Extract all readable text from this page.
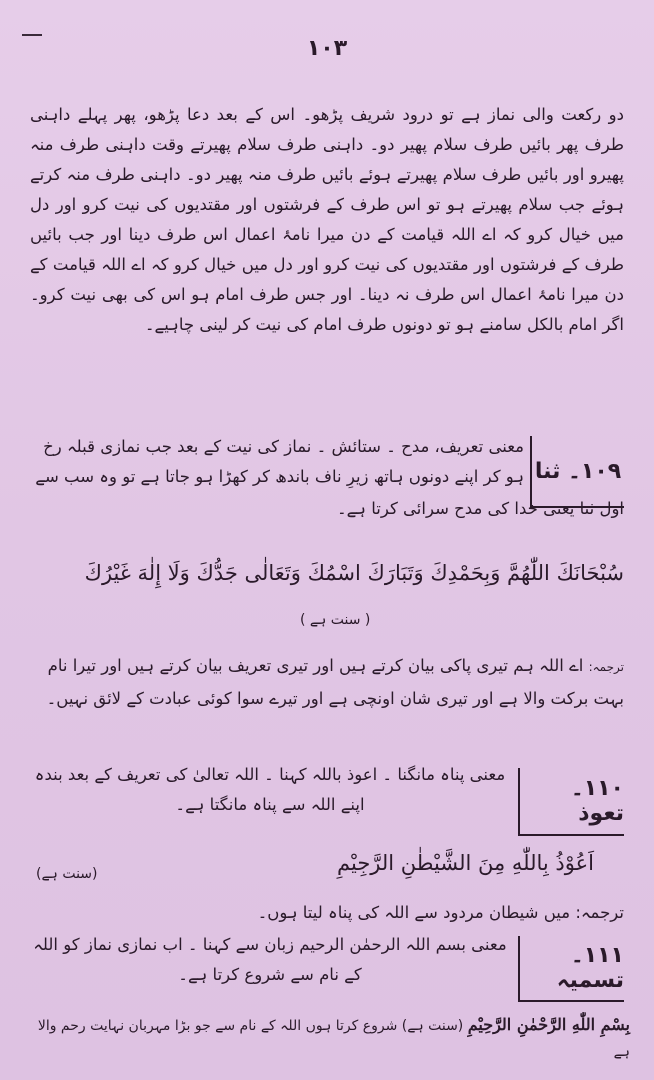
۱۰۳
دو رکعت والی نماز ہے تو درود شریف پڑھو۔ اس کے بعد دعا پڑھو، پھر پہلے داہنی طرف پھر بائیں طرف سلام پھیر دو۔ داہنی طرف سلام پھیرتے وقت داہنی طرف منہ پھیرو اور بائیں طرف سلام پھیرتے ہوئے بائیں طرف منہ پھیر دو۔ داہنی طرف منہ کرتے ہوئے جب سلام پھیرتے ہو تو اس طرف کے فرشتوں اور مقتدیوں کی نیت کرو اور دل میں خیال کرو کہ اے اللہ قیامت کے دن میرا نامۂ اعمال اس طرف دینا اور جب بائیں طرف کے فرشتوں اور مقتدیوں کی نیت کرو اور دل میں خیال کرو کہ اے اللہ قیامت کے دن میرا نامۂ اعمال اس طرف نہ دینا۔ اور جس طرف امام ہو اس کی بھی نیت کرو۔ اگر امام بالکل سامنے ہو تو دونوں طرف امام کی نیت کر لینی چاہیے۔
۱۰۹۔ ثنا
معنی تعریف، مدح ۔ ستائش ۔ نماز کی نیت کے بعد جب نمازی قبلہ رخ ہو کر اپنے دونوں ہاتھ زیرِ ناف باندھ کر کھڑا ہو جاتا ہے تو وہ سب سے
اول ثنا یعنی خدا کی مدح سرائی کرتا ہے۔
سُبْحَانَكَ اللّٰهُمَّ وَبِحَمْدِكَ وَتَبَارَكَ اسْمُكَ وَتَعَالٰى جَدُّكَ وَلَا إِلٰهَ غَيْرُكَ
( سنت ہے )
ترجمہ: اے اللہ ہم تیری پاکی بیان کرتے ہیں اور تیری تعریف بیان کرتے ہیں اور تیرا نام بہت برکت والا ہے اور تیری شان اونچی ہے اور تیرے سوا کوئی عبادت کے لائق نہیں۔
۱۱۰۔ تعوذ
معنی پناہ مانگنا ۔ اعوذ باللہ کہنا ۔ اللہ تعالیٰ کی تعریف کے بعد بندہ اپنے اللہ سے پناہ مانگتا ہے۔
اَعُوْذُ بِاللّٰهِ مِنَ الشَّيْطٰنِ الرَّجِيْمِ
(سنت ہے)
ترجمہ: میں شیطان مردود سے اللہ کی پناہ لیتا ہوں۔
۱۱۱۔ تسمیہ
معنی بسم اللہ الرحمٰن الرحیم زبان سے کہنا ۔ اب نمازی نماز کو اللہ کے نام سے شروع کرتا ہے۔
بِسْمِ اللّٰهِ الرَّحْمٰنِ الرَّحِيْمِ (سنت ہے) شروع کرتا ہوں اللہ کے نام سے جو بڑا مہربان نہایت رحم والا ہے
